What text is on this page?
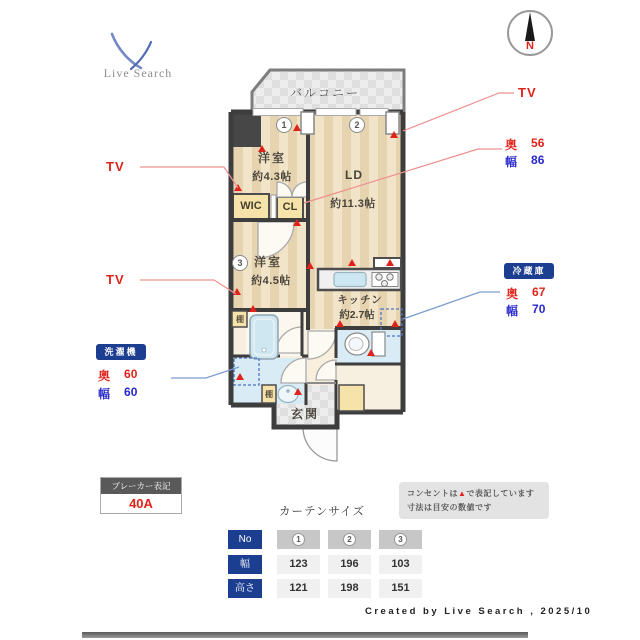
Live Search
N
バルコニー
洋室
約4.3帖	LD
約11.3帖
WIC CL
洋室
約4.5帖
キッチン
約2.7帖
玄関
棚
棚
1	2
3
TV
TV
TV
奥 56
幅 86
冷蔵庫
奥 67
幅 70
洗濯機
奥 60
幅 60
ブレーカー表記
40A
コンセントは▲で表記しています
寸法は目安の数値です
カーテンサイズ
No	1	2	3
幅	123	196	103
高さ	121	198	151
Created by Live Search , 2025/10
